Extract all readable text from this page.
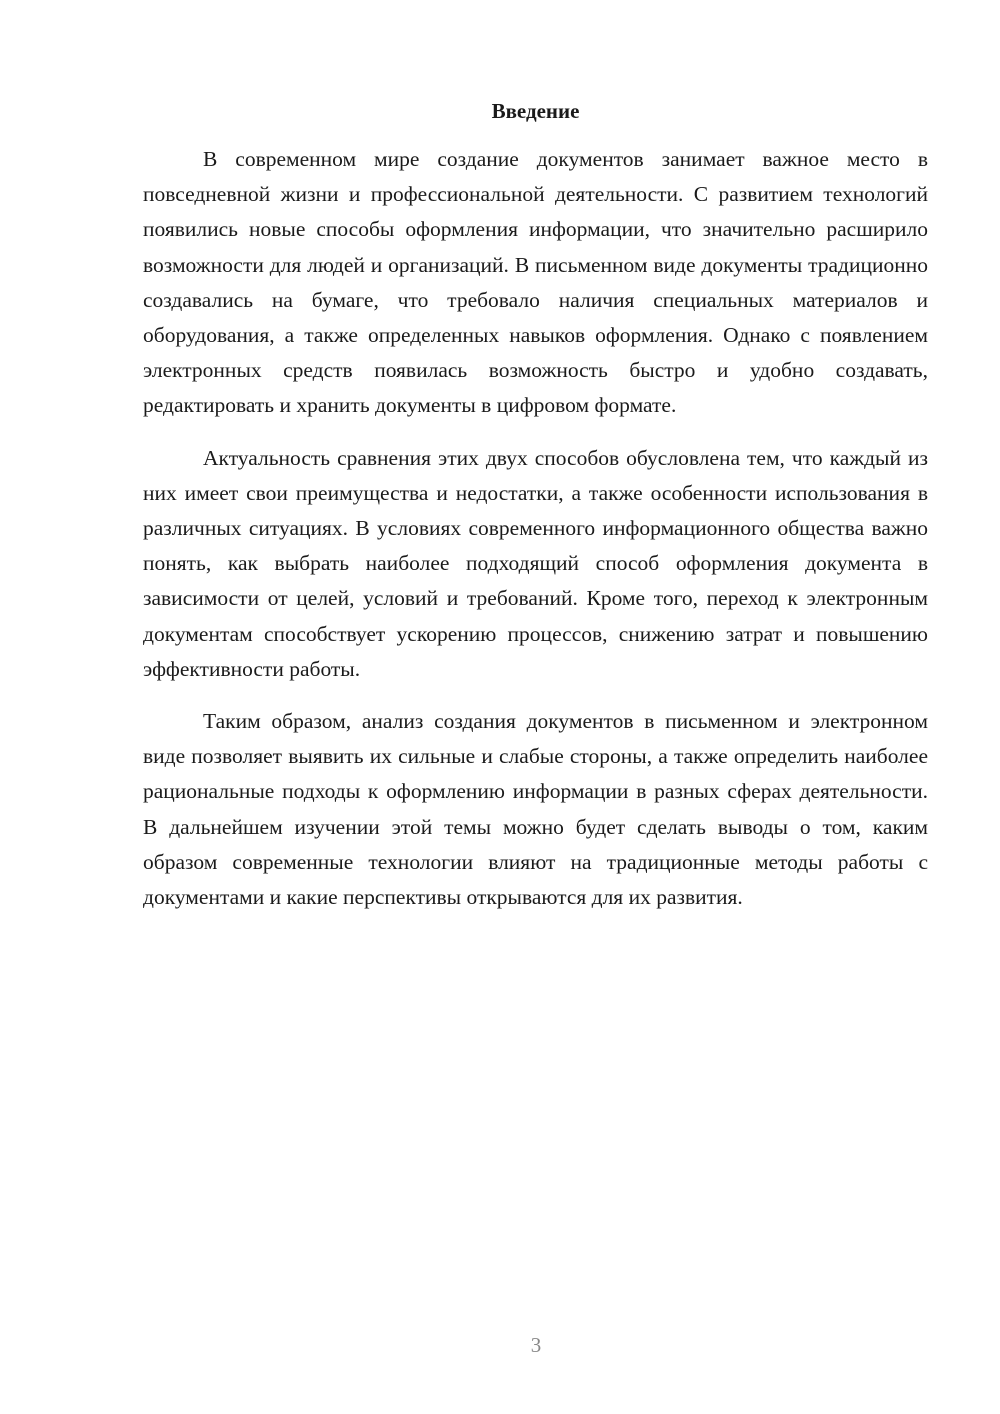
Введение

В современном мире создание документов занимает важное место в повседневной жизни и профессиональной деятельности. С развитием технологий появились новые способы оформления информации, что значительно расширило возможности для людей и организаций. В письменном виде документы традиционно создавались на бумаге, что требовало наличия специальных материалов и оборудования, а также определенных навыков оформления. Однако с появлением электронных средств появилась возможность быстро и удобно создавать, редактировать и хранить документы в цифровом формате.

Актуальность сравнения этих двух способов обусловлена тем, что каждый из них имеет свои преимущества и недостатки, а также особенности использования в различных ситуациях. В условиях современного информационного общества важно понять, как выбрать наиболее подходящий способ оформления документа в зависимости от целей, условий и требований. Кроме того, переход к электронным документам способствует ускорению процессов, снижению затрат и повышению эффективности работы.

Таким образом, анализ создания документов в письменном и электронном виде позволяет выявить их сильные и слабые стороны, а также определить наиболее рациональные подходы к оформлению информации в разных сферах деятельности. В дальнейшем изучении этой темы можно будет сделать выводы о том, каким образом современные технологии влияют на традиционные методы работы с документами и какие перспективы открываются для их развития.

3
